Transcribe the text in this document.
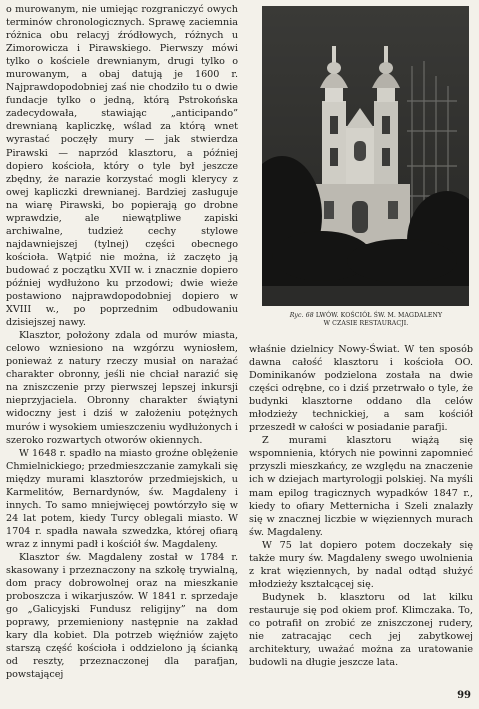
o murowanym, nie umiejąc rozgraniczyć owych terminów chronologicznych. Sprawę zaciemnia różnica obu relacyj źródłowych, różnych u Zimorowicza i Pirawskiego. Pierwszy mówi tylko o kościele drewnianym, drugi tylko o murowanym, a obaj datują je 1600 r. Najprawdopodobniej zaś nie chodziło tu o dwie fundacje tylko o jedną, którą Pstrokońska zadecydowała, stawiając „anticipando” drewnianą kapliczkę, wślad za którą wnet wyrastać poczęły mury — jak stwierdza Pirawski — naprzód klasztoru, a później dopiero kościoła, który o tyle był jeszcze zbędny, że narazie korzystać mogli klerycy z owej kapliczki drewnianej. Bardziej zasługuje na wiarę Pirawski, bo popierają go drobne wprawdzie, ale niewątpliwe zapiski archiwalne, tudzież cechy stylowe najdawniejszej (tylnej) części obecnego kościoła. Wątpić nie można, iż zaczęto ją budować z początku XVII w. i znacznie dopiero później wydłużono ku przodowi; dwie wieże postawiono najprawdopodobniej dopiero w XVIII w., po poprzednim odbudowaniu dzisiejszej nawy.

Klasztor, położony zdala od murów miasta, celowo wzniesiono na wzgórzu wyniosłem, ponieważ z natury rzeczy musiał on narażać charakter obronny, jeśli nie chciał narazić się na zniszczenie przy pierwszej lepszej inkursji nieprzyjaciela. Obronny charakter świątyni widoczny jest i dziś w założeniu potężnych murów i wysokiem umieszczeniu wydłużonych i szeroko rozwartych otworów okiennych.

W 1648 r. spadło na miasto groźne oblężenie Chmielnickiego; przedmieszczanie zamykali się między murami klasztorów przedmiejskich, u Karmelitów, Bernardynów, św. Magdaleny i innych. To samo mniejwięcej powtórzyło się w 24 lat potem, kiedy Turcy oblegali miasto. W 1704 r. spadła nawała szwedzka, której ofiarą wraz z innymi padł i kościół św. Magdaleny.

Klasztor św. Magdaleny został w 1784 r. skasowany i przeznaczony na szkołę trywialną, dom pracy dobrowolnej oraz na mieszkanie proboszcza i wikarjuszów. W 1841 r. sprzedaje go „Galicyjski Fundusz religijny” na dom poprawy, przemieniony następnie na zakład kary dla kobiet. Dla potrzeb więźniów zajęto starszą część kościoła i oddzielono ją ścianką od reszty, przeznaczonej dla parafjan, powstającej

Ryc. 68 LWÓW. KOŚCIÓŁ ŚW. M. MAGDALENY
W CZASIE RESTAURACJI.

właśnie dzielnicy Nowy-Świat. W ten sposób dawna całość klasztoru i kościoła OO. Dominikanów podzielona została na dwie części odrębne, co i dziś przetrwało o tyle, że budynki klasztorne oddano dla celów młodzieży technickiej, a sam kościół przeszedł w całości w posiadanie parafji.

Z murami klasztoru wiążą się wspomnienia, których nie powinni zapomnieć przyszli mieszkańcy, ze względu na znaczenie ich w dziejach martyrologji polskiej. Na myśli mam epilog tragicznych wypadków 1847 r., kiedy to ofiary Metternicha i Szeli znalazły się w znacznej liczbie w więziennych murach św. Magdaleny.

W 75 lat dopiero potem doczekały się także mury św. Magdaleny swego uwolnienia z krat więziennych, by nadal odtąd służyć młodzieży kształcącej się.

Budynek b. klasztoru od lat kilku restauruje się pod okiem prof. Klimczaka. To, co potrafił on zrobić ze zniszczonej rudery, nie zatracając cech jej zabytkowej architektury, uważać można za uratowanie budowli na długie jeszcze lata.

99
